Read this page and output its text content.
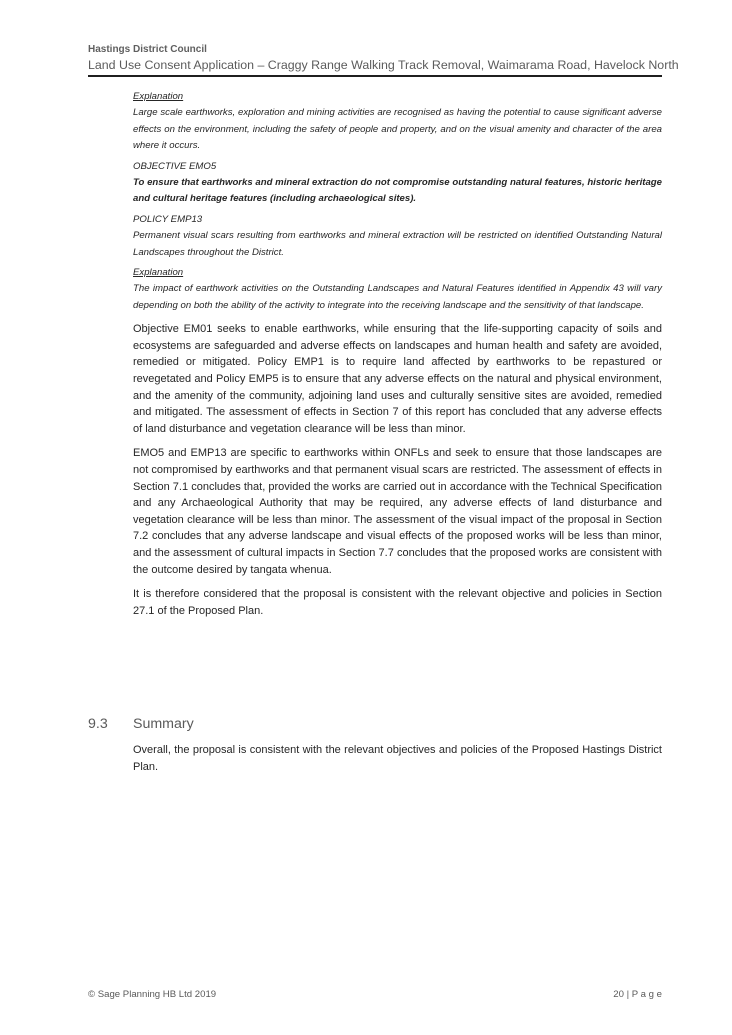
Hastings District Council
Land Use Consent Application – Craggy Range Walking Track Removal, Waimarama Road, Havelock North

Explanation

Large scale earthworks, exploration and mining activities are recognised as having the potential to cause significant adverse effects on the environment, including the safety of people and property, and on the visual amenity and character of the area where it occurs.

OBJECTIVE EMO5

To ensure that earthworks and mineral extraction do not compromise outstanding natural features, historic heritage and cultural heritage features (including archaeological sites).

POLICY EMP13

Permanent visual scars resulting from earthworks and mineral extraction will be restricted on identified Outstanding Natural Landscapes throughout the District.

Explanation

The impact of earthwork activities on the Outstanding Landscapes and Natural Features identified in Appendix 43 will vary depending on both the ability of the activity to integrate into the receiving landscape and the sensitivity of that landscape.

Objective EM01 seeks to enable earthworks, while ensuring that the life-supporting capacity of soils and ecosystems are safeguarded and adverse effects on landscapes and human health and safety are avoided, remedied or mitigated. Policy EMP1 is to require land affected by earthworks to be repastured or revegetated and Policy EMP5 is to ensure that any adverse effects on the natural and physical environment, and the amenity of the community, adjoining land uses and culturally sensitive sites are avoided, remedied and mitigated. The assessment of effects in Section 7 of this report has concluded that any adverse effects of land disturbance and vegetation clearance will be less than minor.

EMO5 and EMP13 are specific to earthworks within ONFLs and seek to ensure that those landscapes are not compromised by earthworks and that permanent visual scars are restricted. The assessment of effects in Section 7.1 concludes that, provided the works are carried out in accordance with the Technical Specification and any Archaeological Authority that may be required, any adverse effects of land disturbance and vegetation clearance will be less than minor. The assessment of the visual impact of the proposal in Section 7.2 concludes that any adverse landscape and visual effects of the proposed works will be less than minor, and the assessment of cultural impacts in Section 7.7 concludes that the proposed works are consistent with the outcome desired by tangata whenua.

It is therefore considered that the proposal is consistent with the relevant objective and policies in Section 27.1 of the Proposed Plan.

9.3 Summary

Overall, the proposal is consistent with the relevant objectives and policies of the Proposed Hastings District Plan.

© Sage Planning HB Ltd 2019	20 | P a g e
